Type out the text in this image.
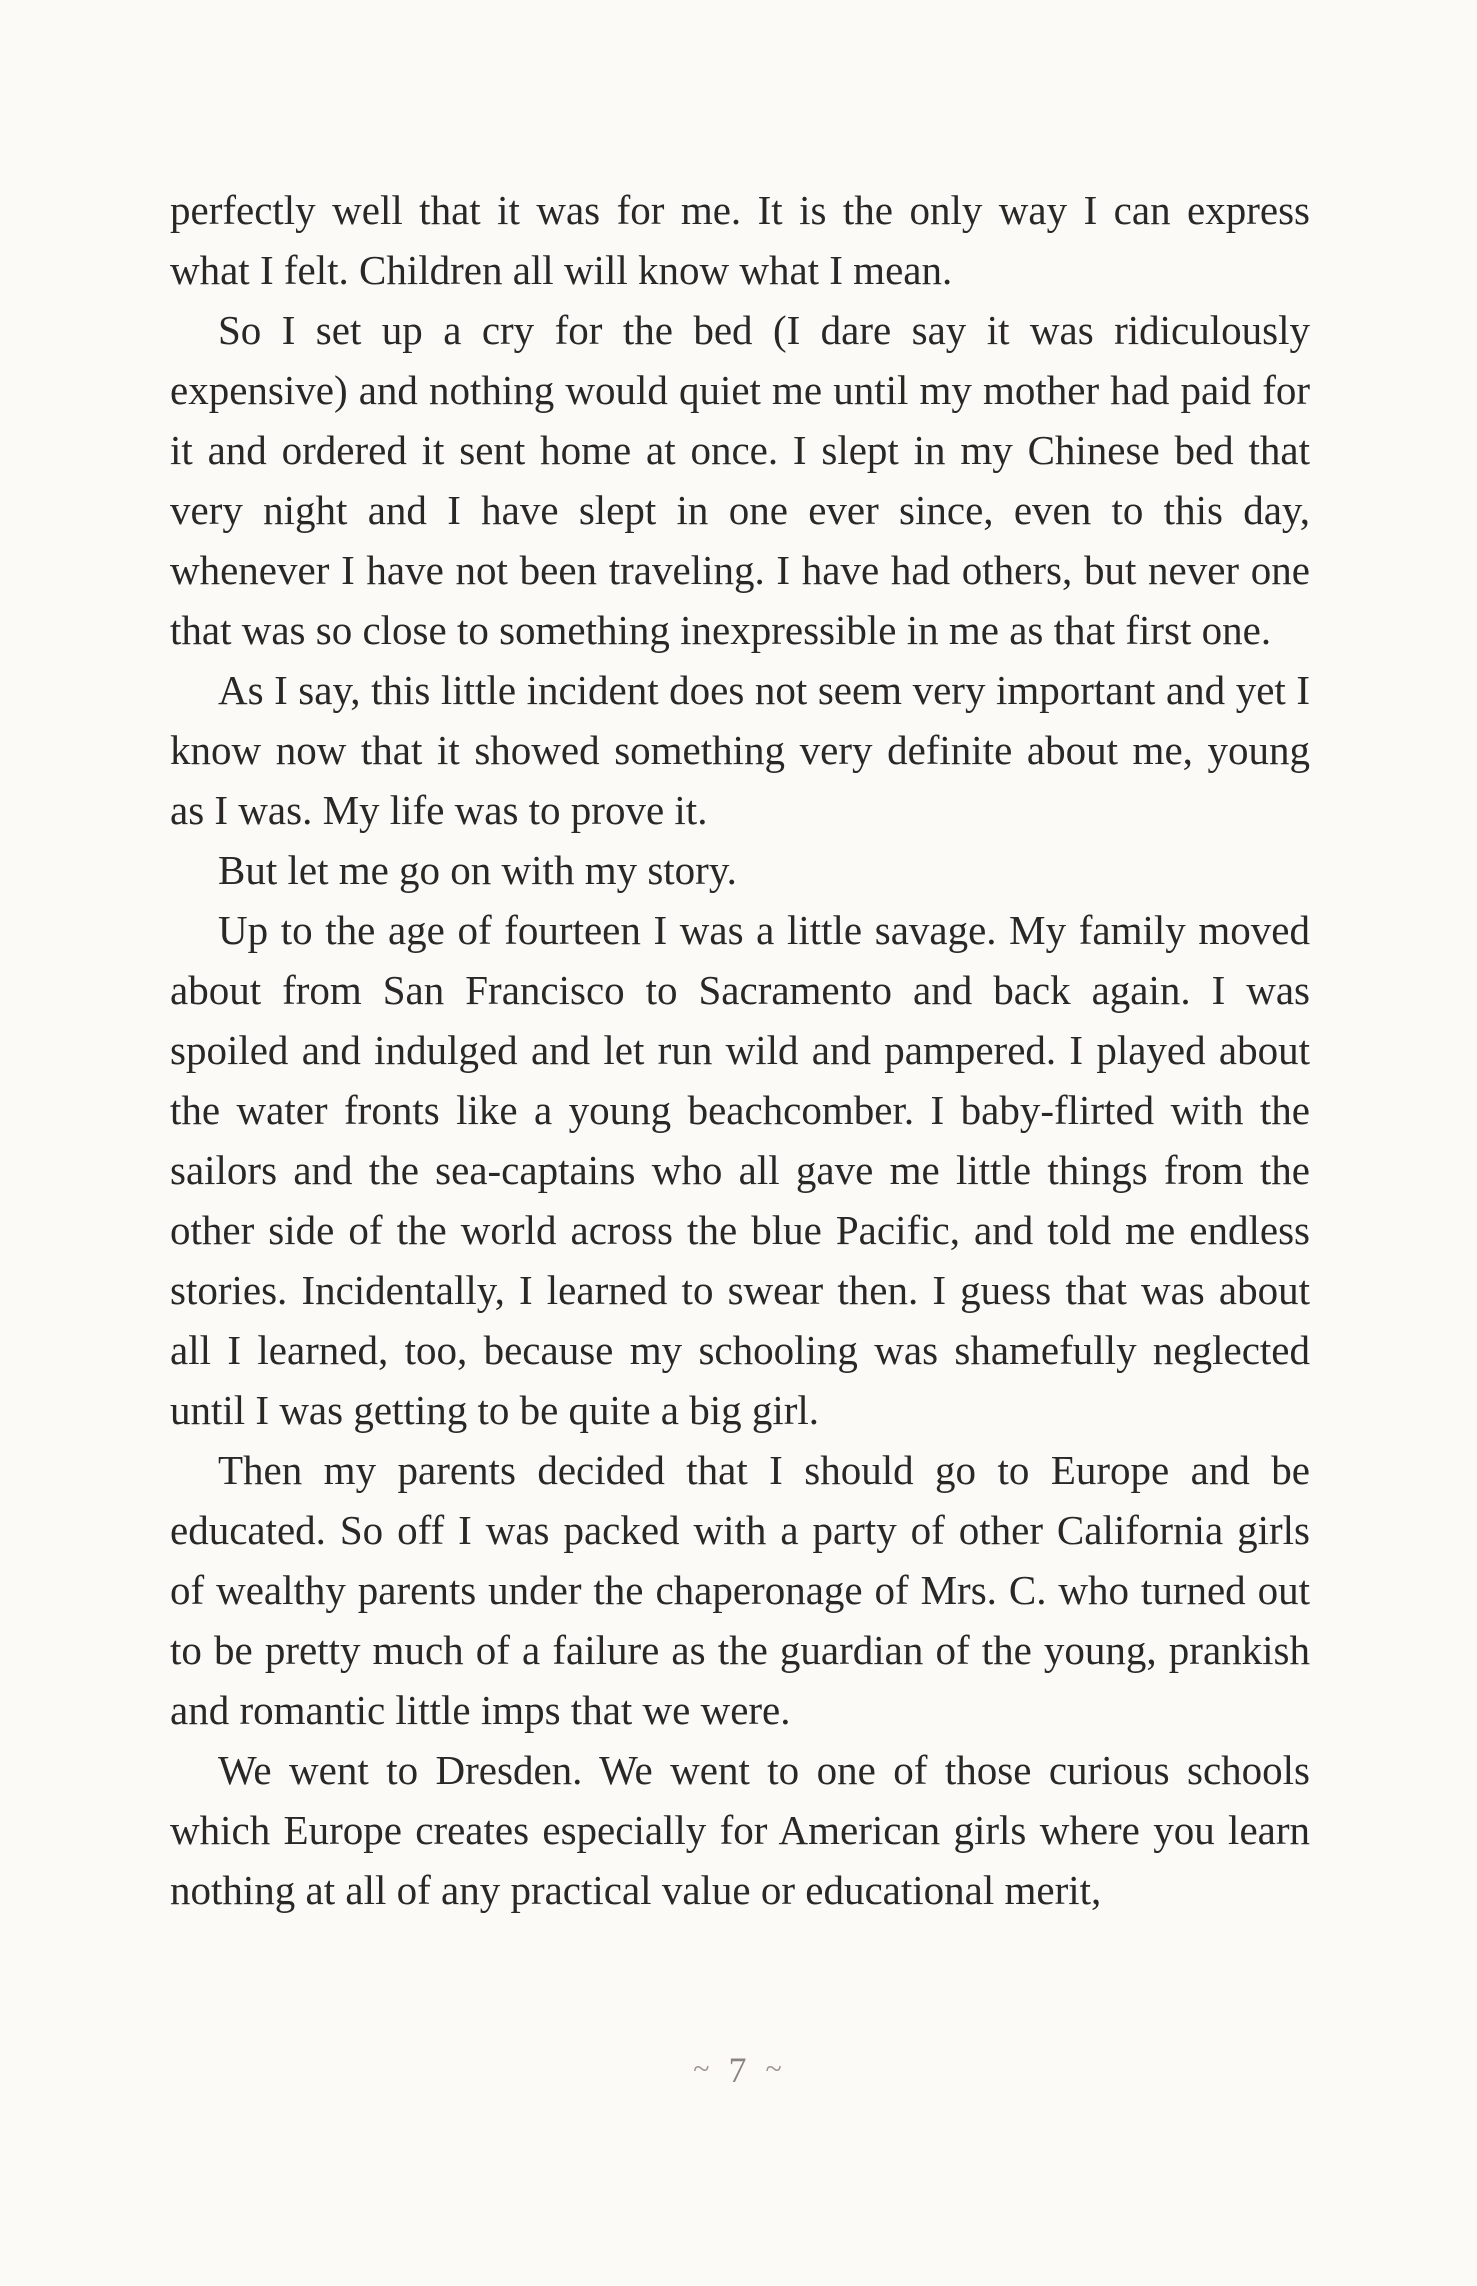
perfectly well that it was for me. It is the only way I can express what I felt. Children all will know what I mean.

So I set up a cry for the bed (I dare say it was ridiculously expensive) and nothing would quiet me until my mother had paid for it and ordered it sent home at once. I slept in my Chinese bed that very night and I have slept in one ever since, even to this day, whenever I have not been traveling. I have had others, but never one that was so close to something inexpressible in me as that first one.

As I say, this little incident does not seem very important and yet I know now that it showed something very definite about me, young as I was. My life was to prove it.

But let me go on with my story.

Up to the age of fourteen I was a little savage. My family moved about from San Francisco to Sacramento and back again. I was spoiled and indulged and let run wild and pampered. I played about the water fronts like a young beachcomber. I baby-flirted with the sailors and the sea-captains who all gave me little things from the other side of the world across the blue Pacific, and told me endless stories. Incidentally, I learned to swear then. I guess that was about all I learned, too, because my schooling was shamefully neglected until I was getting to be quite a big girl.

Then my parents decided that I should go to Europe and be educated. So off I was packed with a party of other California girls of wealthy parents under the chaperonage of Mrs. C. who turned out to be pretty much of a failure as the guardian of the young, prankish and romantic little imps that we were.

We went to Dresden. We went to one of those curious schools which Europe creates especially for American girls where you learn nothing at all of any practical value or educational merit,

~ 7 ~
